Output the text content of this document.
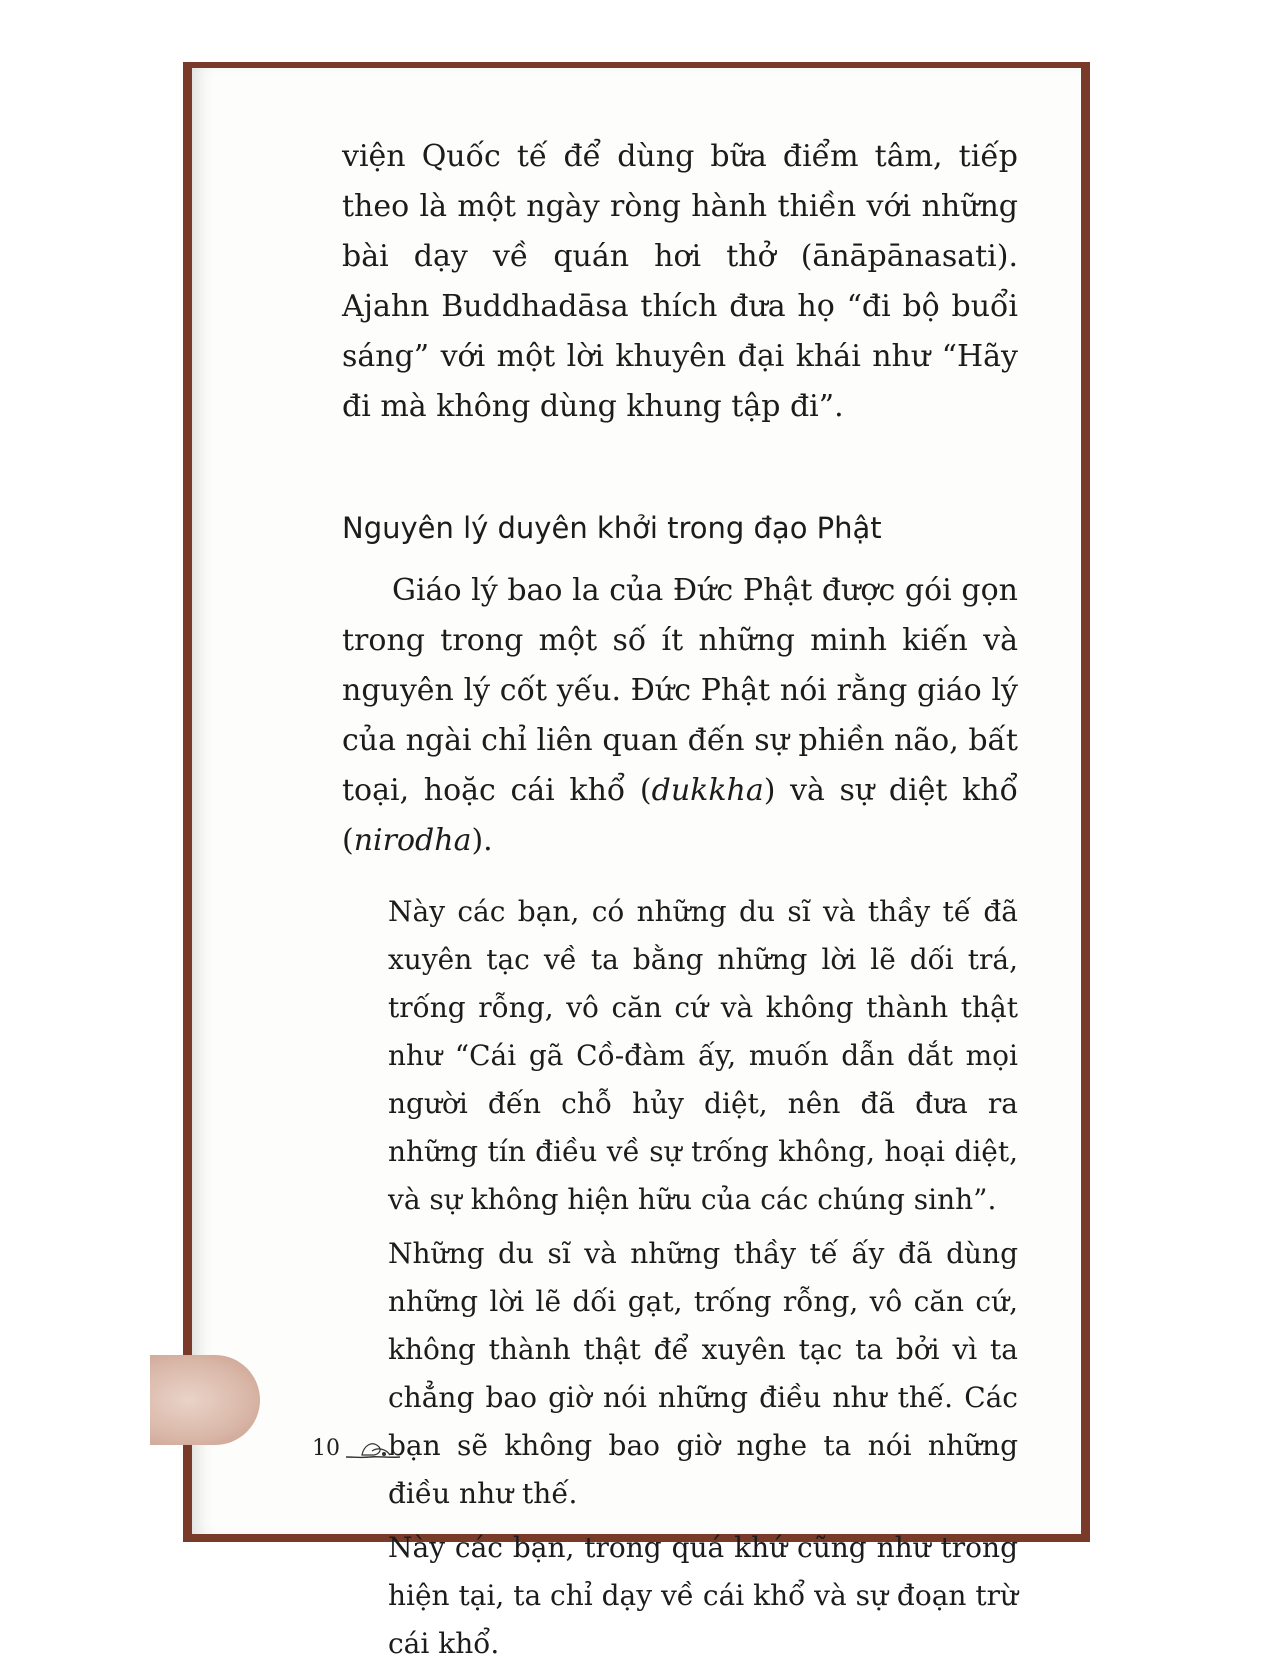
viện Quốc tế để dùng bữa điểm tâm, tiếp theo là một ngày ròng hành thiền với những bài dạy về quán hơi thở (ānāpānasati). Ajahn Buddhadāsa thích đưa họ “đi bộ buổi sáng” với một lời khuyên đại khái như “Hãy đi mà không dùng khung tập đi”.

Nguyên lý duyên khởi trong đạo Phật

Giáo lý bao la của Đức Phật được gói gọn trong trong một số ít những minh kiến và nguyên lý cốt yếu. Đức Phật nói rằng giáo lý của ngài chỉ liên quan đến sự phiền não, bất toại, hoặc cái khổ (dukkha) và sự diệt khổ (nirodha).

Này các bạn, có những du sĩ và thầy tế đã xuyên tạc về ta bằng những lời lẽ dối trá, trống rỗng, vô căn cứ và không thành thật như “Cái gã Cồ-đàm ấy, muốn dẫn dắt mọi người đến chỗ hủy diệt, nên đã đưa ra những tín điều về sự trống không, hoại diệt, và sự không hiện hữu của các chúng sinh”.

Những du sĩ và những thầy tế ấy đã dùng những lời lẽ dối gạt, trống rỗng, vô căn cứ, không thành thật để xuyên tạc ta bởi vì ta chẳng bao giờ nói những điều như thế. Các bạn sẽ không bao giờ nghe ta nói những điều như thế.

Này các bạn, trong quá khứ cũng như trong hiện tại, ta chỉ dạy về cái khổ và sự đoạn trừ cái khổ.

10
